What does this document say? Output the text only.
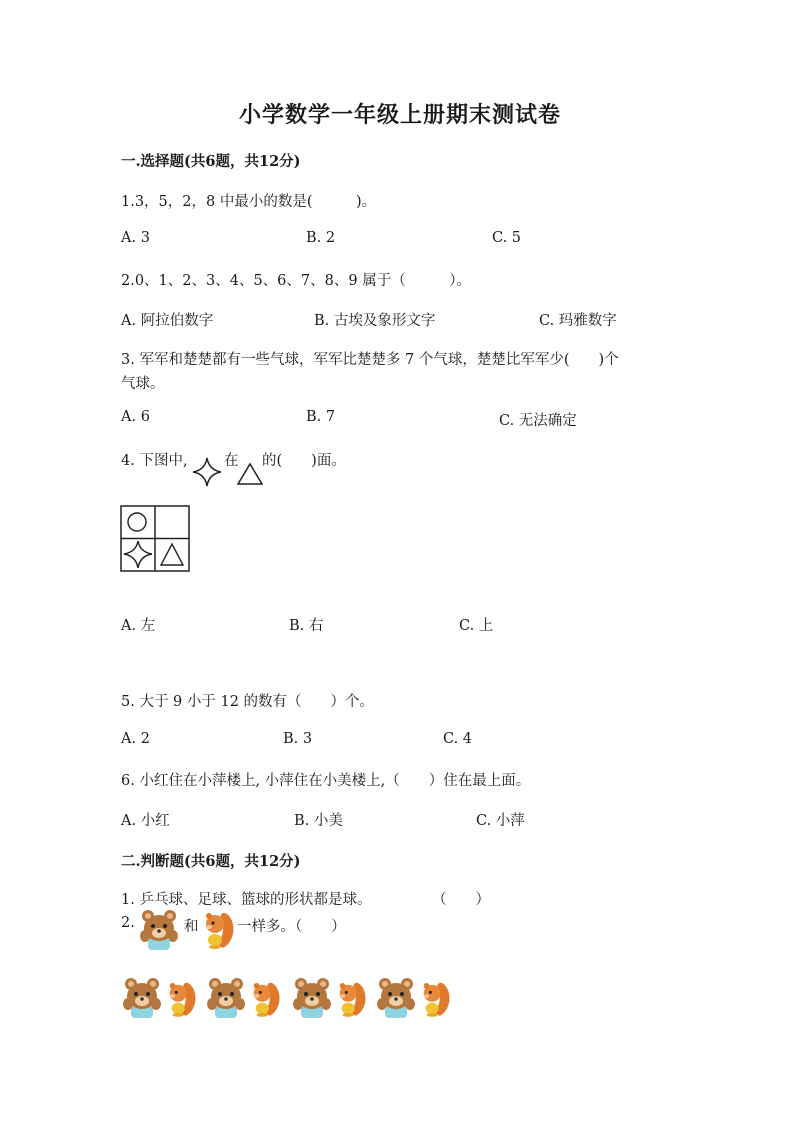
小学数学一年级上册期末测试卷
一.选择题(共6题，共12分)
1.3，5，2，8 中最小的数是(　　　)。
A. 3	B. 2	C. 5
2.0、1、2、3、4、5、6、7、8、9 属于（　　　）。
A. 阿拉伯数字	B. 古埃及象形文字	C. 玛雅数字
3. 军军和楚楚都有一些气球，军军比楚楚多 7 个气球，楚楚比军军少(　　)个
气球。
A. 6	B. 7	C. 无法确定
4. 下图中,	在 的(　　)面。
A. 左	B. 右	C. 上
5. 大于 9 小于 12 的数有（　　）个。
A. 2	B. 3	C. 4
6. 小红住在小萍楼上, 小萍住在小美楼上,（　　）住在最上面。
A. 小红	B. 小美	C. 小萍
二.判断题(共6题，共12分)
1. 乒乓球、足球、篮球的形状都是球。	（　　）
2.	和	一样多。（　　）
